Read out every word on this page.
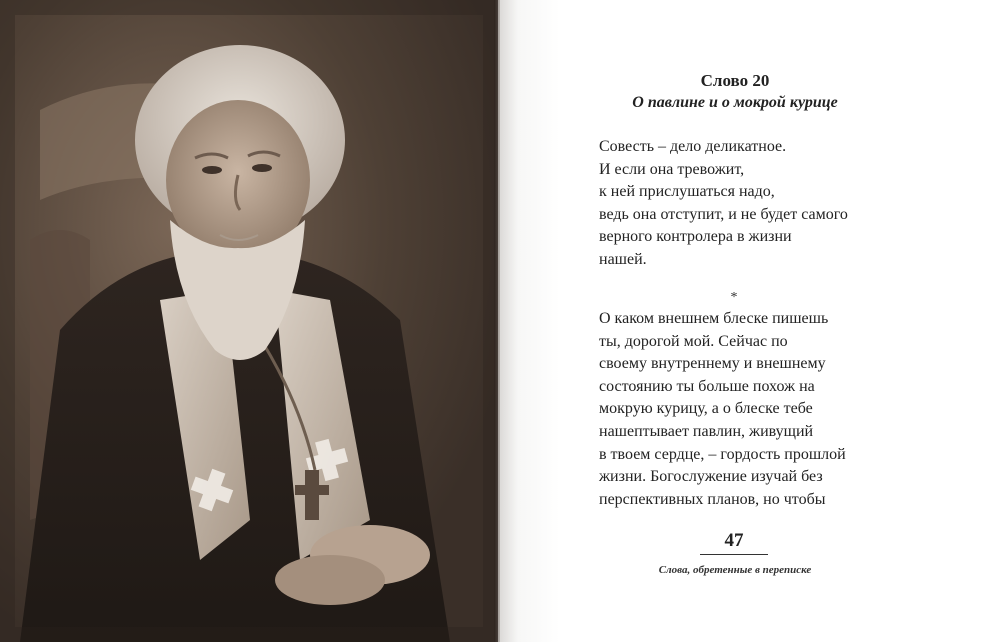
Слово 20
О павлине и о мокрой курице
Совесть – дело деликатное.
И если она тревожит,
к ней прислушаться надо,
ведь она отступит, и не будет самого
верного контролера в жизни
нашей.
*
О каком внешнем блеске пишешь
ты, дорогой мой. Сейчас по
своему внутреннему и внешнему
состоянию ты больше похож на
мокрую курицу, а о блеске тебе
нашептывает павлин, живущий
в твоем сердце, – гордость прошлой
жизни. Богослужение изучай без
перспективных планов, но чтобы
47
Слова, обретенные в переписке
